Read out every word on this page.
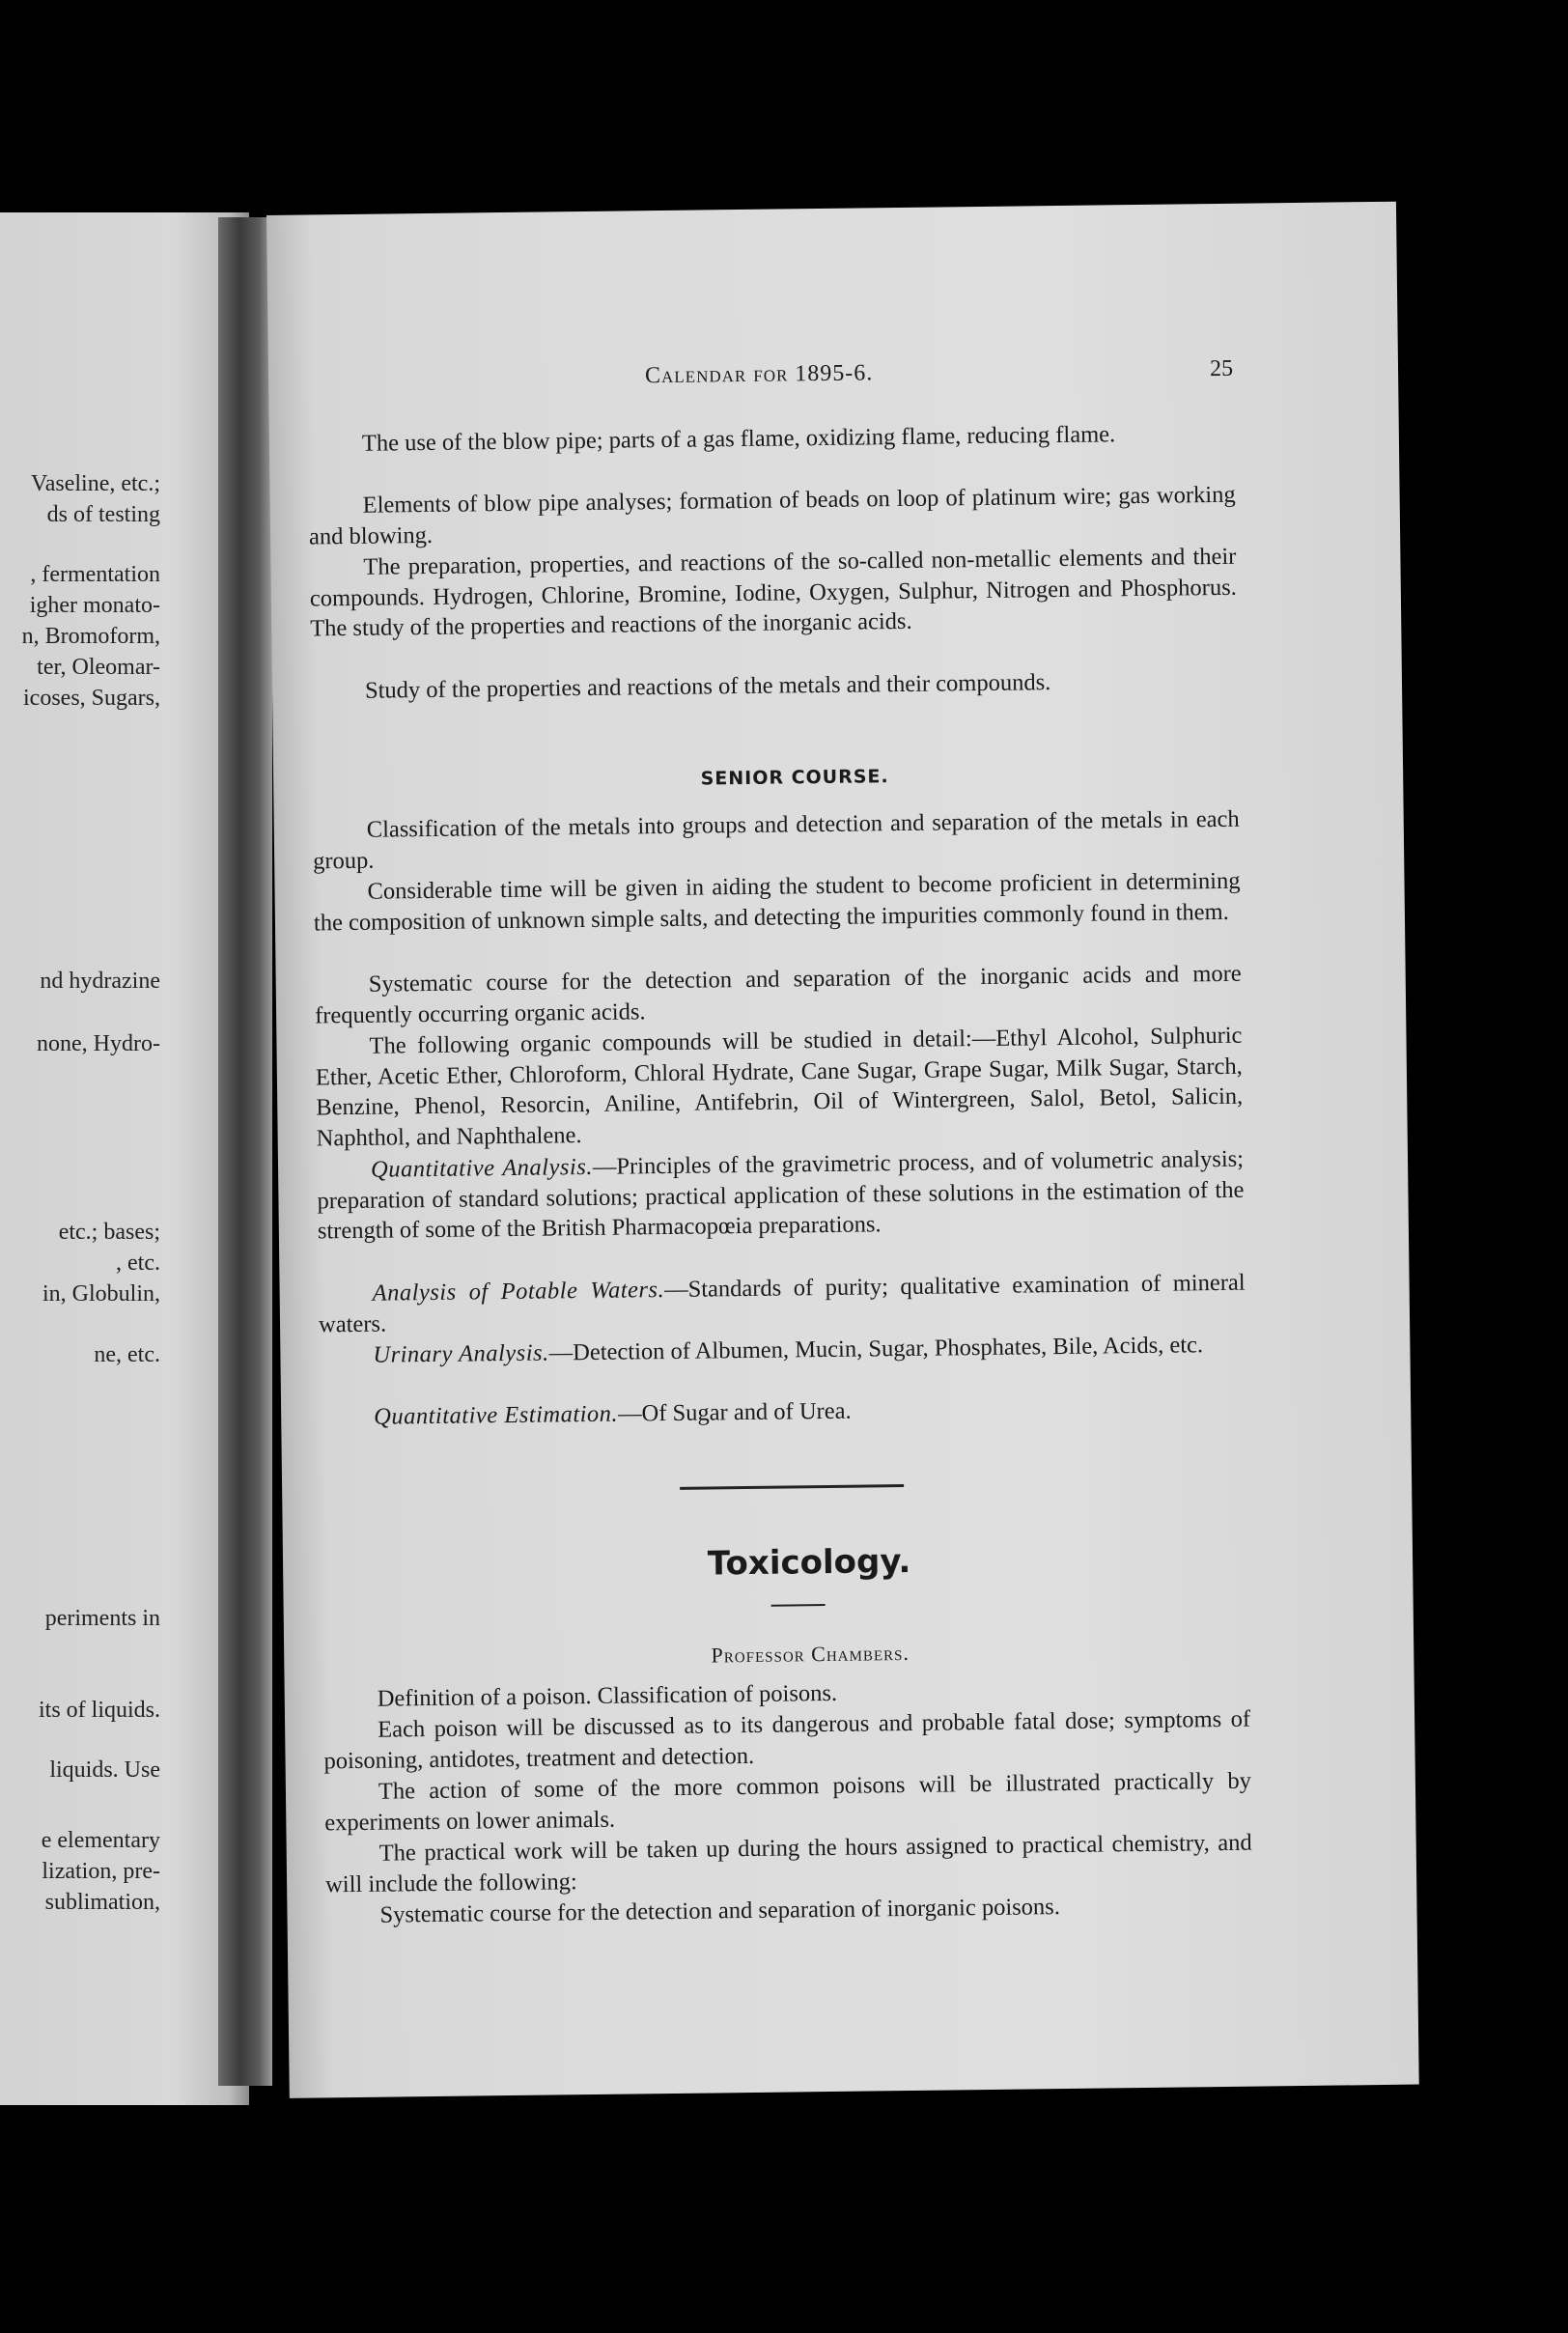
Vaseline, etc.;
ds of testing
, fermentation
igher monato-
n, Bromoform,
ter, Oleomar-
icoses, Sugars,
nd hydrazine
none, Hydro-
etc.; bases;
, etc.
in, Globulin,
ne, etc.
periments in
its of liquids.
liquids. Use
e elementary
lization, pre-
sublimation,
Calendar for 1895-6.	25

The use of the blow pipe; parts of a gas flame, oxidizing flame, reducing flame.

Elements of blow pipe analyses; formation of beads on loop of platinum wire; gas working and blowing.

The preparation, properties, and reactions of the so-called non-metallic elements and their compounds. Hydrogen, Chlorine, Bromine, Iodine, Oxygen, Sulphur, Nitrogen and Phosphorus. The study of the properties and reactions of the inorganic acids.

Study of the properties and reactions of the metals and their compounds.

SENIOR COURSE.

Classification of the metals into groups and detection and separation of the metals in each group.

Considerable time will be given in aiding the student to become proficient in determining the composition of unknown simple salts, and detecting the impurities commonly found in them.

Systematic course for the detection and separation of the inorganic acids and more frequently occurring organic acids.

The following organic compounds will be studied in detail:—Ethyl Alcohol, Sulphuric Ether, Acetic Ether, Chloroform, Chloral Hydrate, Cane Sugar, Grape Sugar, Milk Sugar, Starch, Benzine, Phenol, Resorcin, Aniline, Antifebrin, Oil of Wintergreen, Salol, Betol, Salicin, Naphthol, and Naphthalene.

Quantitative Analysis.—Principles of the gravimetric process, and of volumetric analysis; preparation of standard solutions; practical application of these solutions in the estimation of the strength of some of the British Pharmacopœia preparations.

Analysis of Potable Waters.—Standards of purity; qualitative examination of mineral waters.

Urinary Analysis.—Detection of Albumen, Mucin, Sugar, Phosphates, Bile, Acids, etc.

Quantitative Estimation.—Of Sugar and of Urea.

Toxicology.
Professor Chambers.

Definition of a poison. Classification of poisons.

Each poison will be discussed as to its dangerous and probable fatal dose; symptoms of poisoning, antidotes, treatment and detection.

The action of some of the more common poisons will be illustrated practically by experiments on lower animals.

The practical work will be taken up during the hours assigned to practical chemistry, and will include the following:

Systematic course for the detection and separation of inorganic poisons.
